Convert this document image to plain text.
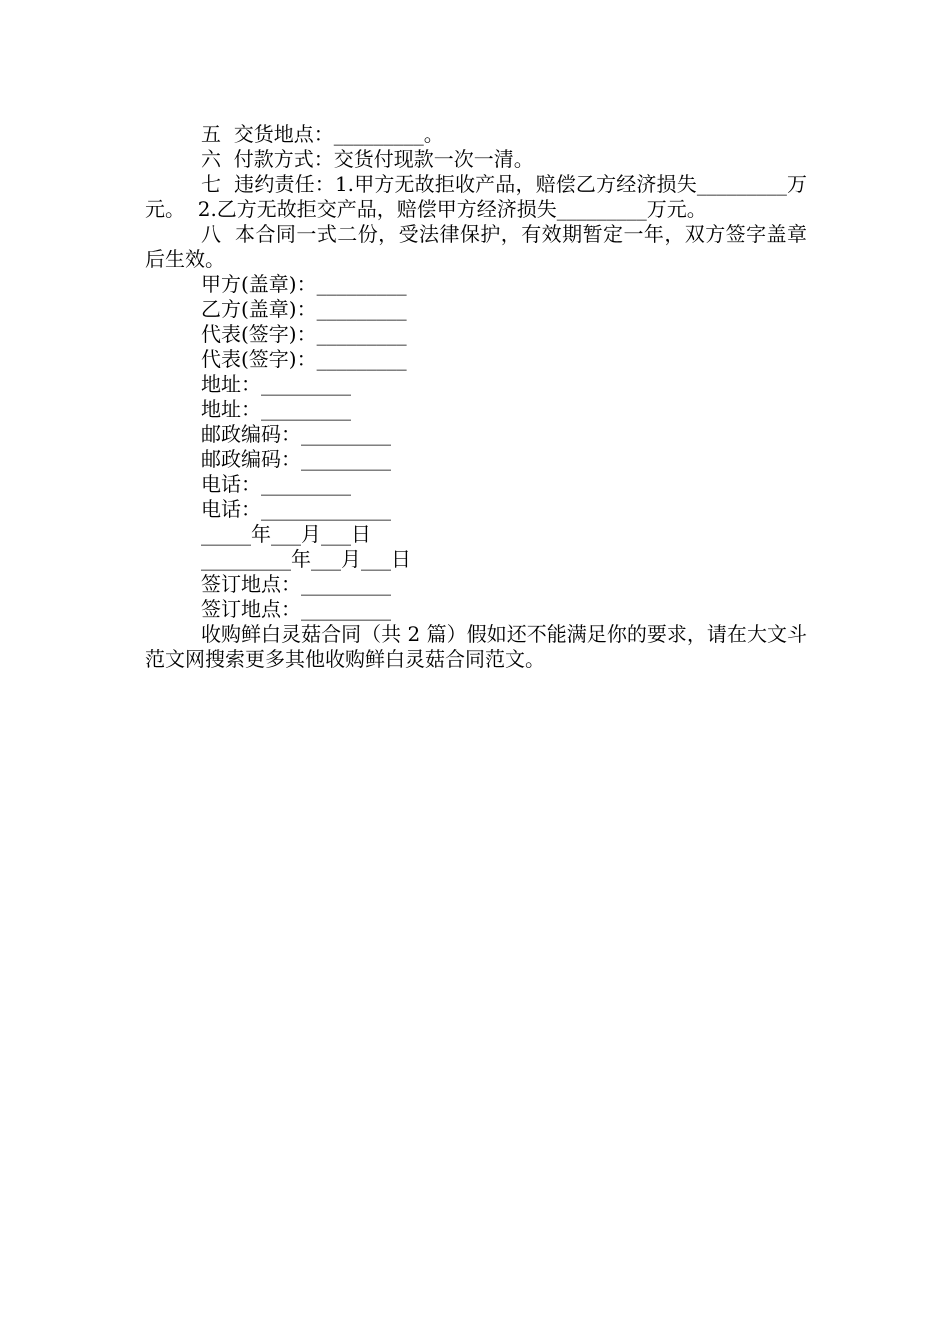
五  交货地点：_________。

六  付款方式：交货付现款一次一清。

七  违约责任：1.甲方无故拒收产品，赔偿乙方经济损失_________万元。  2.乙方无故拒交产品，赔偿甲方经济损失_________万元。

八  本合同一式二份，受法律保护，有效期暂定一年，双方签字盖章 后生效。

甲方(盖章)：_________

乙方(盖章)：_________

代表(签字)：_________

代表(签字)：_________

地址：_________

地址：_________

邮政编码：_________

邮政编码：_________

电话：_________

电话：_____________

_____年___月___日

_________年___月___日

签订地点：_________

签订地点：_________

收购鲜白灵菇合同（共 2 篇）假如还不能满足你的要求，请在大文斗范文网搜索更多其他收购鲜白灵菇合同范文。
